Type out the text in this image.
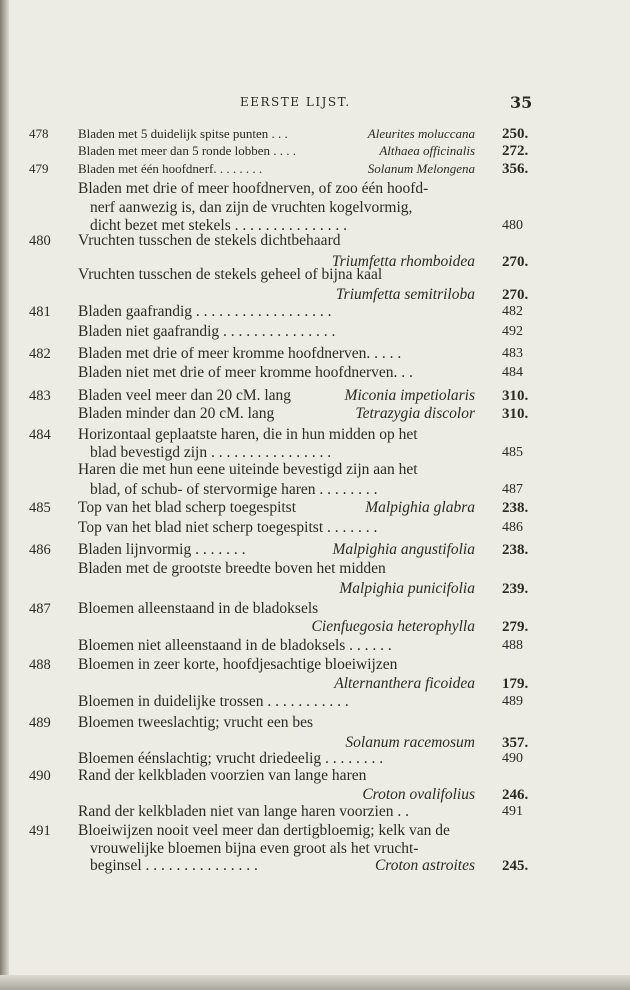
EERSTE LIJST.	35
478	Bladen met 5 duidelijk spitse punten . . .	Aleurites moluccana 250.
Bladen met meer dan 5 ronde lobben . . . .	Althaea officinalis 272.
479	Bladen met één hoofdnerf. . . . . . . .	Solanum Melongena 356.
Bladen met drie of meer hoofdnerven, of zoo één hoofd-
nerf aanwezig is, dan zijn de vruchten kogelvormig,
dicht bezet met stekels . . . . . . . . . . . . . . .	480
480	Vruchten tusschen de stekels dichtbehaard
Triumfetta rhomboidea 270.
Vruchten tusschen de stekels geheel of bijna kaal
Triumfetta semitriloba 270.
481	Bladen gaafrandig . . . . . . . . . . . . . . . . . .	482
Bladen niet gaafrandig . . . . . . . . . . . . . . .	492
482	Bladen met drie of meer kromme hoofdnerven. . . . .	483
Bladen niet met drie of meer kromme hoofdnerven. . .	484
483	Bladen veel meer dan 20 cM. lang	Miconia impetiolaris 310.
Bladen minder dan 20 cM. lang	Tetrazygia discolor 310.
484	Horizontaal geplaatste haren, die in hun midden op het
blad bevestigd zijn . . . . . . . . . . . . . . . .	485
Haren die met hun eene uiteinde bevestigd zijn aan het
blad, of schub- of stervormige haren . . . . . . . .	487
485	Top van het blad scherp toegespitst	Malpighia glabra 238.
Top van het blad niet scherp toegespitst . . . . . . .	486
486	Bladen lijnvormig . . . . . . .	Malpighia angustifolia 238.
Bladen met de grootste breedte boven het midden
Malpighia punicifolia 239.
487	Bloemen alleenstaand in de bladoksels
Cienfuegosia heterophylla 279.
Bloemen niet alleenstaand in de bladoksels . . . . . .	488
488	Bloemen in zeer korte, hoofdjesachtige bloeiwijzen
Alternanthera ficoidea 179.
Bloemen in duidelijke trossen . . . . . . . . . . .	489
489	Bloemen tweeslachtig; vrucht een bes
Solanum racemosum 357.
Bloemen éénslachtig; vrucht driedeelig . . . . . . . .	490
490	Rand der kelkbladen voorzien van lange haren
Croton ovalifolius 246.
Rand der kelkbladen niet van lange haren voorzien . .	491
491	Bloeiwijzen nooit veel meer dan dertigbloemig; kelk van de
vrouwelijke bloemen bijna even groot als het vrucht-
beginsel . . . . . . . . . . . . . . .	Croton astroites 245.
